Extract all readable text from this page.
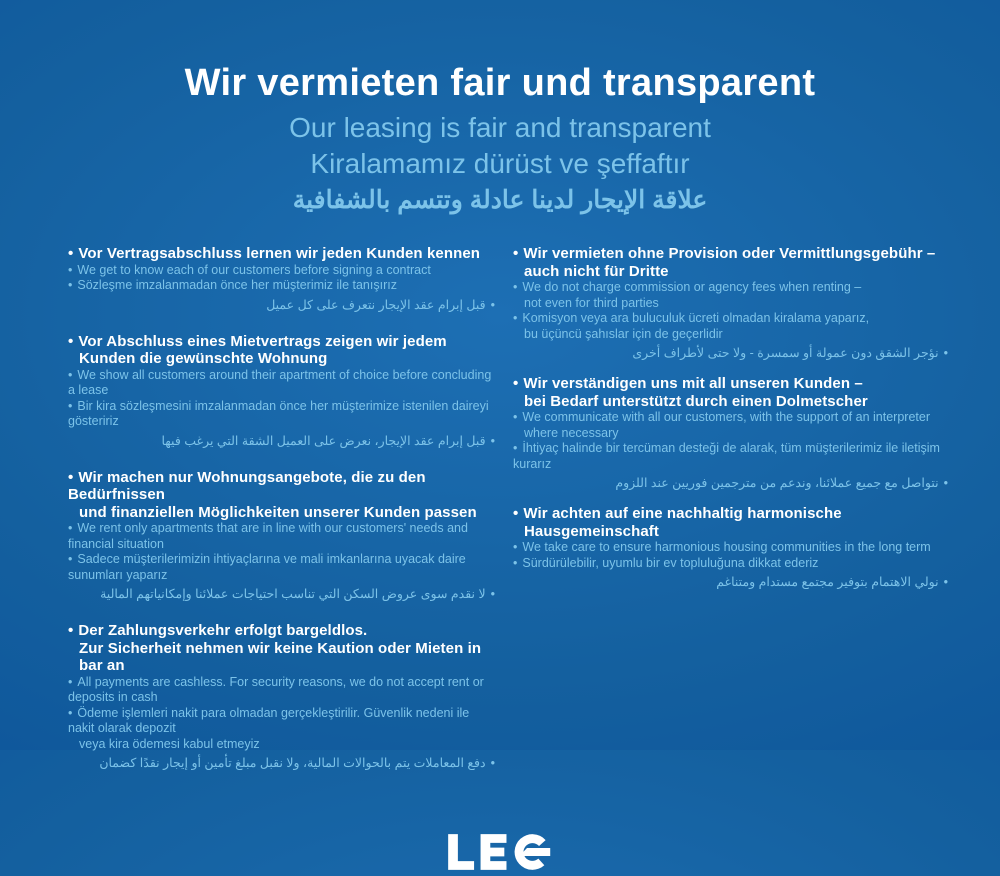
Wir vermieten fair und transparent

Our leasing is fair and transparent

Kiralamamız dürüst ve şeffaftır

علاقة الإيجار لدينا عادلة وتتسم بالشفافية

• Vor Vertragsabschluss lernen wir jeden Kunden kennen

• We get to know each of our customers before signing a contract

• Sözleşme imzalanmadan önce her müşterimiz ile tanışırız

•قبل إبرام عقد الإيجار نتعرف على كل عميل

• Vor Abschluss eines Mietvertrags zeigen wir jedem

Kunden die gewünschte Wohnung

• We show all customers around their apartment of choice before concluding a lease

• Bir kira sözleşmesini imzalanmadan önce her müşterimize istenilen daireyi gösteririz

•قبل إبرام عقد الإيجار، نعرض على العميل الشقة التي يرغب فيها

• Wir machen nur Wohnungsangebote, die zu den Bedürfnissen

und finanziellen Möglichkeiten unserer Kunden passen

• We rent only apartments that are in line with our customers' needs and financial situation

• Sadece müşterilerimizin ihtiyaçlarına ve mali imkanlarına uyacak daire sunumları yaparız

•لا نقدم سوى عروض السكن التي تناسب احتياجات عملائنا وإمكانياتهم المالية

• Der Zahlungsverkehr erfolgt bargeldlos.

Zur Sicherheit nehmen wir keine Kaution oder Mieten in bar an

• All payments are cashless. For security reasons, we do not accept rent or deposits in cash

• Ödeme işlemleri nakit para olmadan gerçekleştirilir. Güvenlik nedeni ile nakit olarak depozit

veya kira ödemesi kabul etmeyiz

•دفع المعاملات يتم بالحوالات المالية، ولا نقبل مبلغ تأمين أو إيجار نقدًا كضمان

• Wir vermieten ohne Provision oder Vermittlungsgebühr –

auch nicht für Dritte

• We do not charge commission or agency fees when renting –

not even for third parties

• Komisyon veya ara buluculuk ücreti olmadan kiralama yaparız,

bu üçüncü şahıslar için de geçerlidir

•نؤجر الشقق دون عمولة أو سمسرة - ولا حتى لأطراف أخرى

• Wir verständigen uns mit all unseren Kunden –

bei Bedarf unterstützt durch einen Dolmetscher

• We communicate with all our customers, with the support of an interpreter

where necessary

• İhtiyaç halinde bir tercüman desteği de alarak, tüm müşterilerimiz ile iletişim kurarız

•نتواصل مع جميع عملائنا، وندعم من مترجمين فوريين عند اللزوم

• Wir achten auf eine nachhaltig harmonische

Hausgemeinschaft

• We take care to ensure harmonious housing communities in the long term

• Sürdürülebilir, uyumlu bir ev topluluğuna dikkat ederiz

•نولي الاهتمام بتوفير مجتمع مستدام ومتناغم
